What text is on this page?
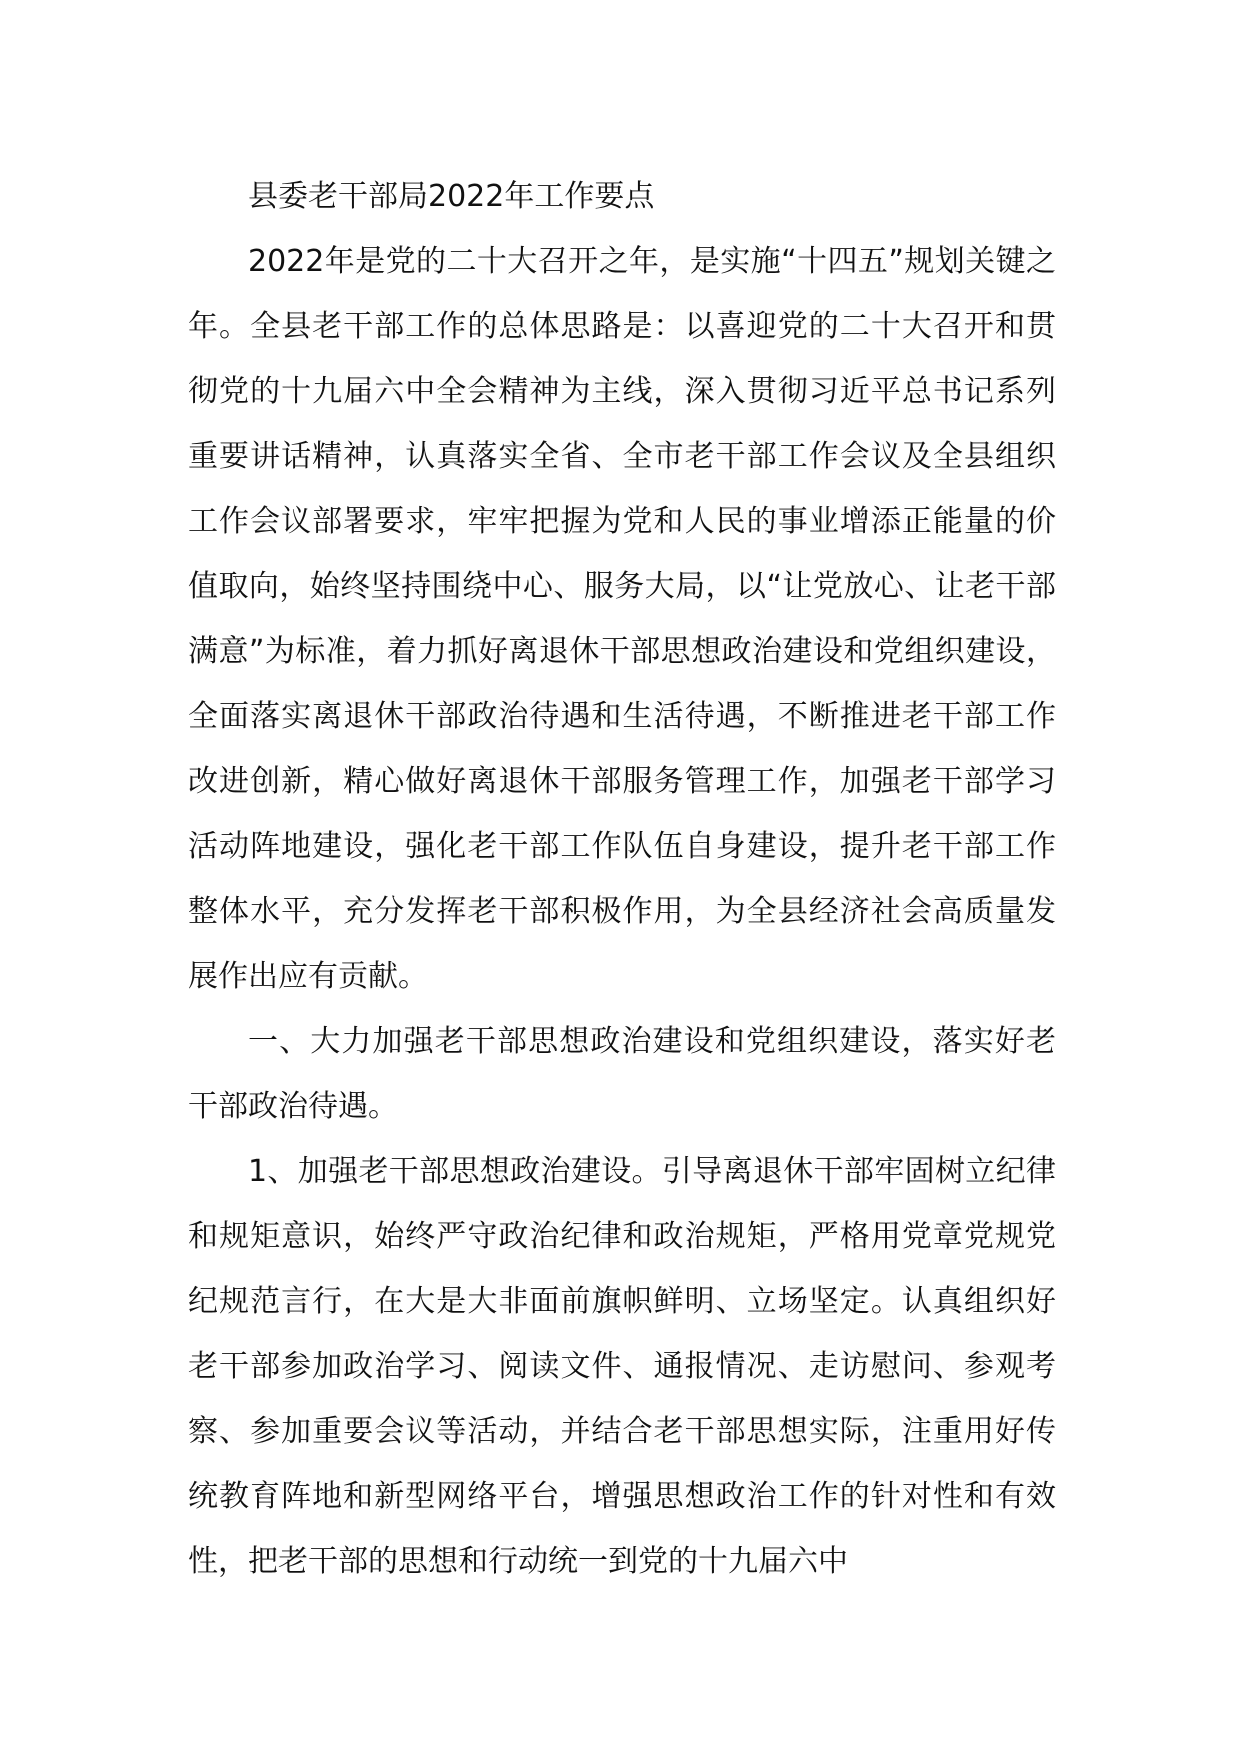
县委老干部局2022年工作要点

2022年是党的二十大召开之年，是实施“十四五”规划关键之年。全县老干部工作的总体思路是：以喜迎党的二十大召开和贯彻党的十九届六中全会精神为主线，深入贯彻习近平总书记系列重要讲话精神，认真落实全省、全市老干部工作会议及全县组织工作会议部署要求，牢牢把握为党和人民的事业增添正能量的价值取向，始终坚持围绕中心、服务大局，以“让党放心、让老干部满意”为标准，着力抓好离退休干部思想政治建设和党组织建设，全面落实离退休干部政治待遇和生活待遇，不断推进老干部工作改进创新，精心做好离退休干部服务管理工作，加强老干部学习活动阵地建设，强化老干部工作队伍自身建设，提升老干部工作整体水平，充分发挥老干部积极作用，为全县经济社会高质量发展作出应有贡献。

一、大力加强老干部思想政治建设和党组织建设，落实好老干部政治待遇。

1、加强老干部思想政治建设。引导离退休干部牢固树立纪律和规矩意识，始终严守政治纪律和政治规矩，严格用党章党规党纪规范言行，在大是大非面前旗帜鲜明、立场坚定。认真组织好老干部参加政治学习、阅读文件、通报情况、走访慰问、参观考察、参加重要会议等活动，并结合老干部思想实际，注重用好传统教育阵地和新型网络平台，增强思想政治工作的针对性和有效性，把老干部的思想和行动统一到党的十九届六中
